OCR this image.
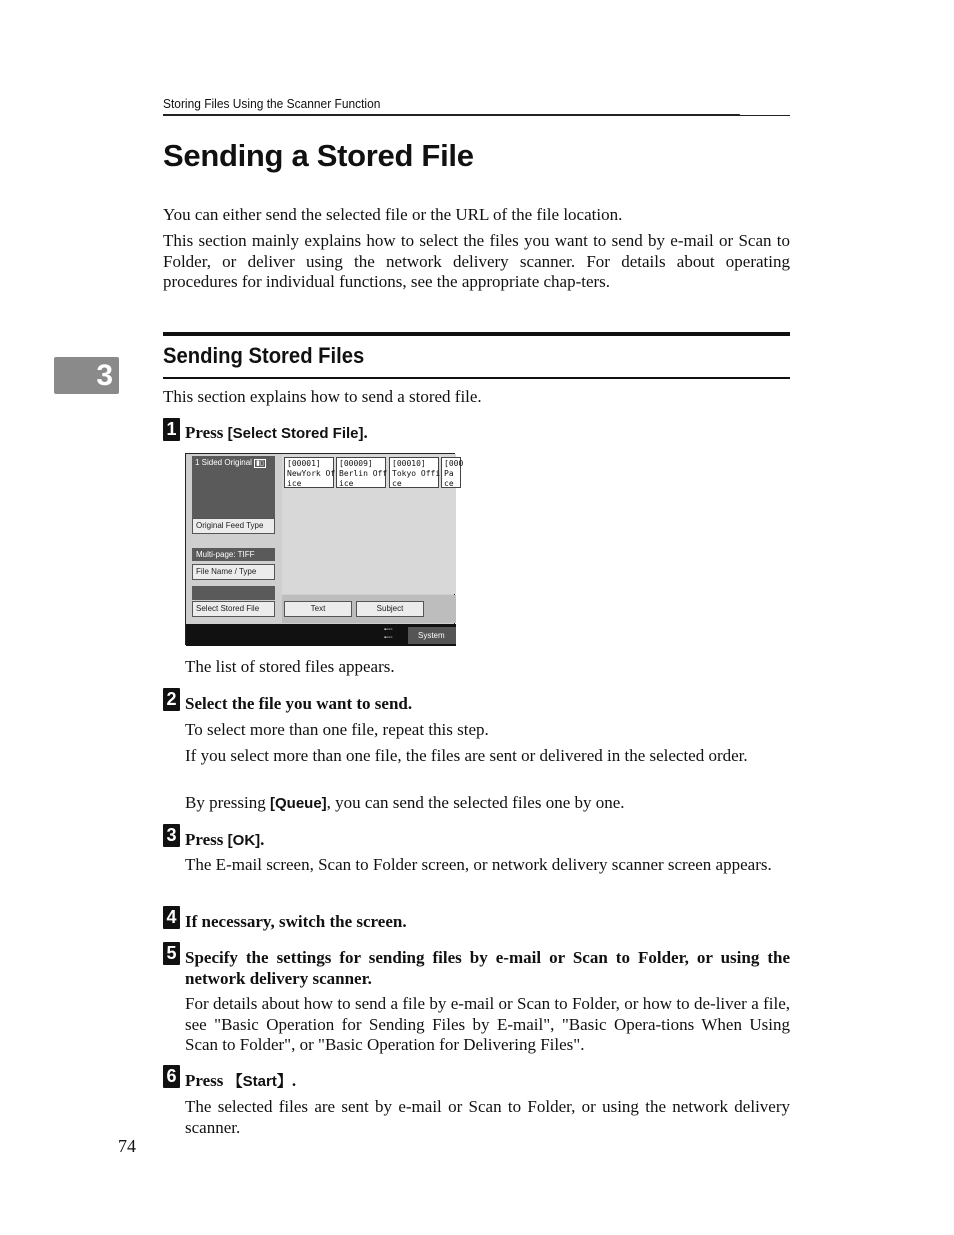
Storing Files Using the Scanner Function
Sending a Stored File
You can either send the selected file or the URL of the file location.
This section mainly explains how to select the files you want to send by e-mail or Scan to Folder, or deliver using the network delivery scanner. For details about operating procedures for individual functions, see the appropriate chap-ters.
3
Sending Stored Files
This section explains how to send a stored file.
1 Press [Select Stored File].
1 Sided Original ▮▯
Original Feed Type
Multi-page: TIFF
File Name / Type
Select Stored File
[00001]
NewYork Of
ice
[00009]
Berlin Off
ice
[00010]
Tokyo Offi
ce
[000
Pa
ce
Text	Subject
▪▫▫▫
▪▫▫▫	System Stat
The list of stored files appears.
2 Select the file you want to send.
To select more than one file, repeat this step.
If you select more than one file, the files are sent or delivered in the selected order.
By pressing [Queue], you can send the selected files one by one.
3 Press [OK].
The E-mail screen, Scan to Folder screen, or network delivery scanner screen appears.
4 If necessary, switch the screen.
5 Specify the settings for sending files by e-mail or Scan to Folder, or using the network delivery scanner.
For details about how to send a file by e-mail or Scan to Folder, or how to de-liver a file, see "Basic Operation for Sending Files by E-mail", "Basic Opera-tions When Using Scan to Folder", or "Basic Operation for Delivering Files".
6 Press 【Start】.
The selected files are sent by e-mail or Scan to Folder, or using the network delivery scanner.
74
